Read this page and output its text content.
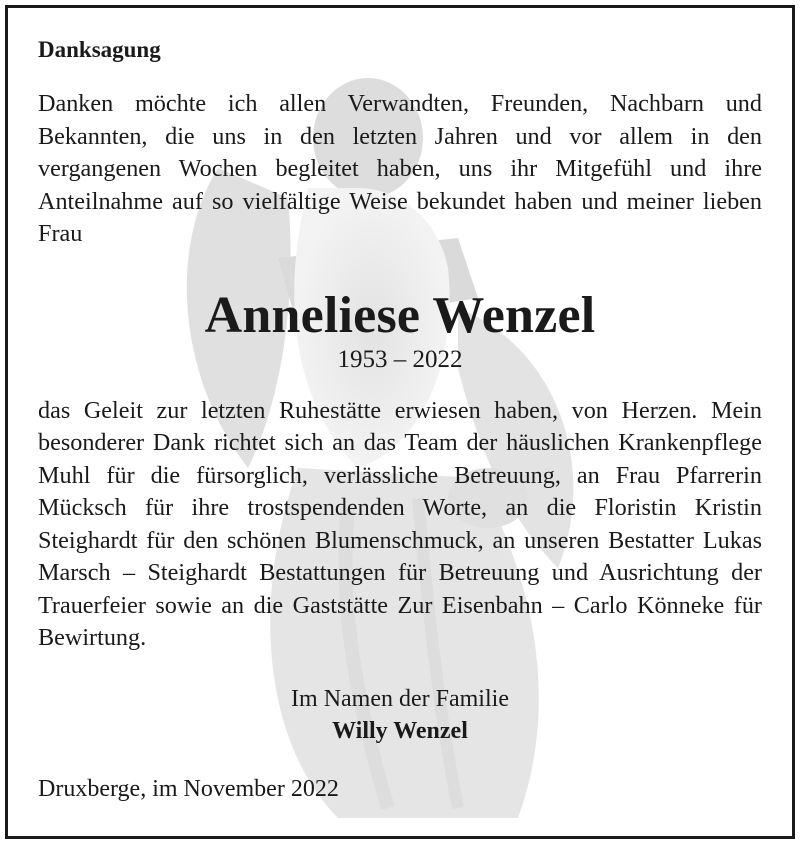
Danksagung

Danken möchte ich allen Verwandten, Freunden, Nachbarn und Bekannten, die uns in den letzten Jahren und vor allem in den vergangenen Wochen begleitet haben, uns ihr Mitgefühl und ihre Anteilnahme auf so vielfältige Weise bekundet haben und meiner lieben Frau

Anneliese Wenzel
1953 – 2022

das Geleit zur letzten Ruhestätte erwiesen haben, von Herzen. Mein besonderer Dank richtet sich an das Team der häuslichen Krankenpflege Muhl für die fürsorglich, verlässliche Betreuung, an Frau Pfarrerin Mücksch für ihre trostspendenden Worte, an die Floristin Kristin Steighardt für den schönen Blumenschmuck, an unseren Bestatter Lukas Marsch – Steighardt Bestattungen für Betreuung und Ausrichtung der Trauerfeier sowie an die Gaststätte Zur Eisenbahn – Carlo Könneke für Bewirtung.

Im Namen der Familie
Willy Wenzel
Druxberge, im November 2022
